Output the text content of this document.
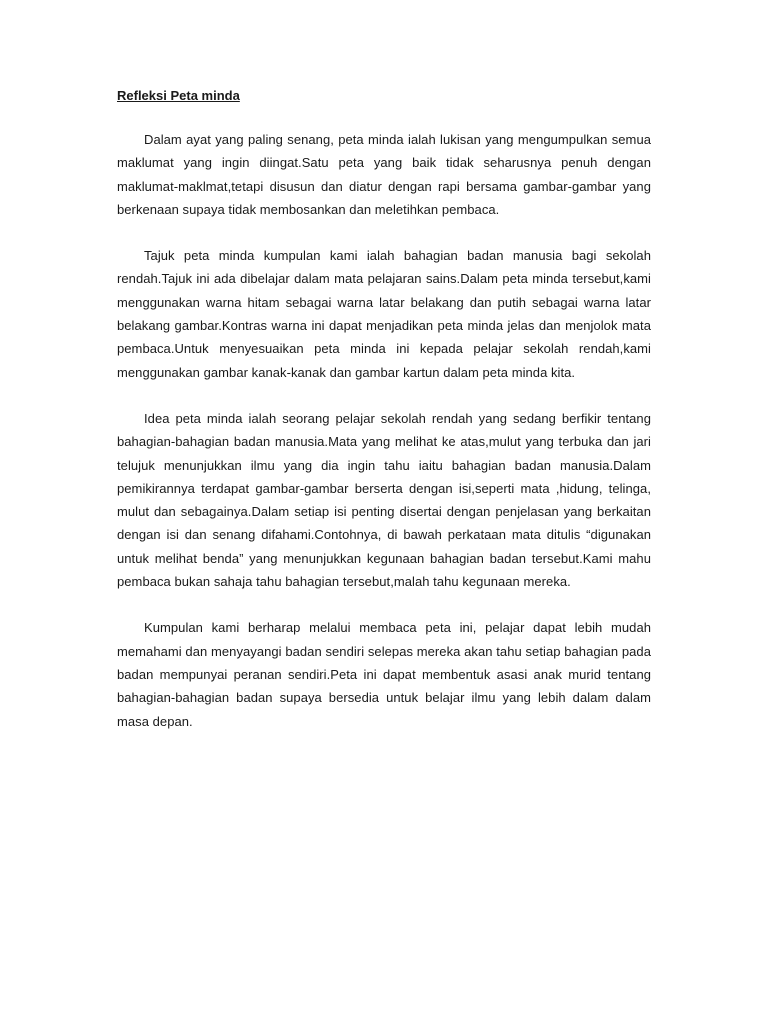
Refleksi Peta minda

Dalam ayat yang paling senang, peta minda ialah lukisan yang mengumpulkan semua maklumat yang ingin diingat.Satu peta yang baik tidak seharusnya penuh dengan maklumat-maklmat,tetapi disusun dan diatur dengan rapi bersama gambar-gambar yang berkenaan supaya tidak membosankan dan meletihkan pembaca.

Tajuk peta minda kumpulan kami ialah bahagian badan manusia bagi sekolah rendah.Tajuk ini ada dibelajar dalam mata pelajaran sains.Dalam peta minda tersebut,kami menggunakan warna hitam sebagai warna latar belakang dan putih sebagai warna latar belakang gambar.Kontras warna ini dapat menjadikan peta minda jelas dan menjolok mata pembaca.Untuk menyesuaikan peta minda ini kepada pelajar sekolah rendah,kami menggunakan gambar kanak-kanak dan gambar kartun dalam peta minda kita.

Idea peta minda ialah seorang pelajar sekolah rendah yang sedang berfikir tentang bahagian-bahagian badan manusia.Mata yang melihat ke atas,mulut yang terbuka dan jari telujuk menunjukkan ilmu yang dia ingin tahu iaitu bahagian badan manusia.Dalam pemikirannya terdapat gambar-gambar berserta dengan isi,seperti mata ,hidung, telinga, mulut dan sebagainya.Dalam setiap isi penting disertai dengan penjelasan yang berkaitan dengan isi dan senang difahami.Contohnya, di bawah perkataan mata ditulis “digunakan untuk melihat benda” yang menunjukkan kegunaan bahagian badan tersebut.Kami mahu pembaca bukan sahaja tahu bahagian tersebut,malah tahu kegunaan mereka.

Kumpulan kami berharap melalui membaca peta ini, pelajar dapat lebih mudah memahami dan menyayangi badan sendiri selepas mereka akan tahu setiap bahagian pada badan mempunyai peranan sendiri.Peta ini dapat membentuk asasi anak murid tentang bahagian-bahagian badan supaya bersedia untuk belajar ilmu yang lebih dalam dalam masa depan.
